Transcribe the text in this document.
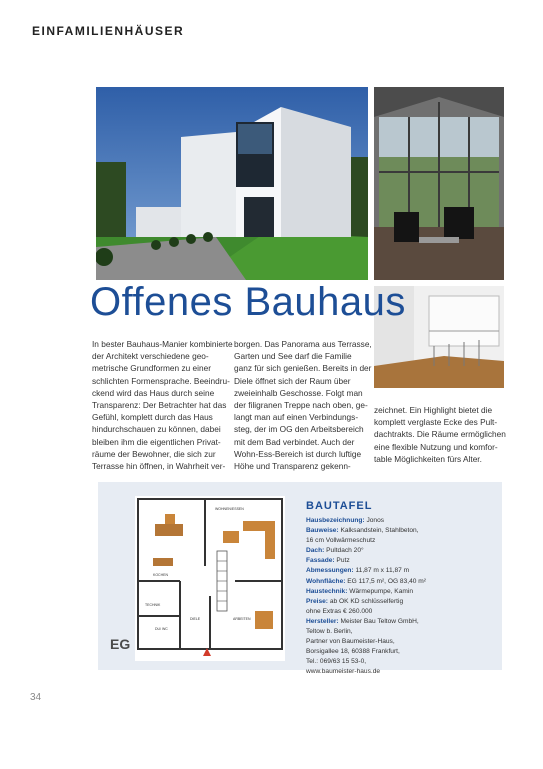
EINFAMILIENHÄUSER
Offenes Bauhaus

In bester Bauhaus-Manier kombinierte

der Architekt verschiedene geo-

metrische Grundformen zu einer

schlichten Formensprache. Beeindru-

ckend wird das Haus durch seine

Transparenz: Der Betrachter hat das

Gefühl, komplett durch das Haus

hindurchschauen zu können, dabei

bleiben ihm die eigentlichen Privat-

räume der Bewohner, die sich zur

Terrasse hin öffnen, in Wahrheit ver-

borgen. Das Panorama aus Terrasse,

Garten und See darf die Familie

ganz für sich genießen. Bereits in der

Diele öffnet sich der Raum über

zweieinhalb Geschosse. Folgt man

der filigranen Treppe nach oben, ge-

langt man auf einen Verbindungs-

steg, der im OG den Arbeitsbereich

mit dem Bad verbindet. Auch der

Wohn-Ess-Bereich ist durch luftige

Höhe und Transparenz gekenn-

zeichnet. Ein Highlight bietet die

komplett verglaste Ecke des Pult-

dachtrakts. Die Räume ermöglichen

eine flexible Nutzung und komfor-

table Möglichkeiten fürs Alter.

WOHNEN/ESSEN
KOCHEN
TECHNIK
DIELE
DU/ WC
ARBEITEN
EG
BAUTAFEL
Hausbezeichnung: Jonos
Bauweise: Kalksandstein, Stahlbeton,
16 cm Vollwärmeschutz
Dach: Pultdach 20°
Fassade: Putz
Abmessungen: 11,87 m x 11,87 m
Wohnfläche: EG 117,5 m², OG 83,40 m²
Haustechnik: Wärmepumpe, Kamin
Preise: ab OK KD schlüsselfertig
ohne Extras € 260.000
Hersteller: Meister Bau Teltow GmbH,
Teltow b. Berlin,
Partner von Baumeister-Haus,
Borsigallee 18, 60388 Frankfurt,
Tel.: 069/63 15 53-0,
www.baumeister-haus.de
34
